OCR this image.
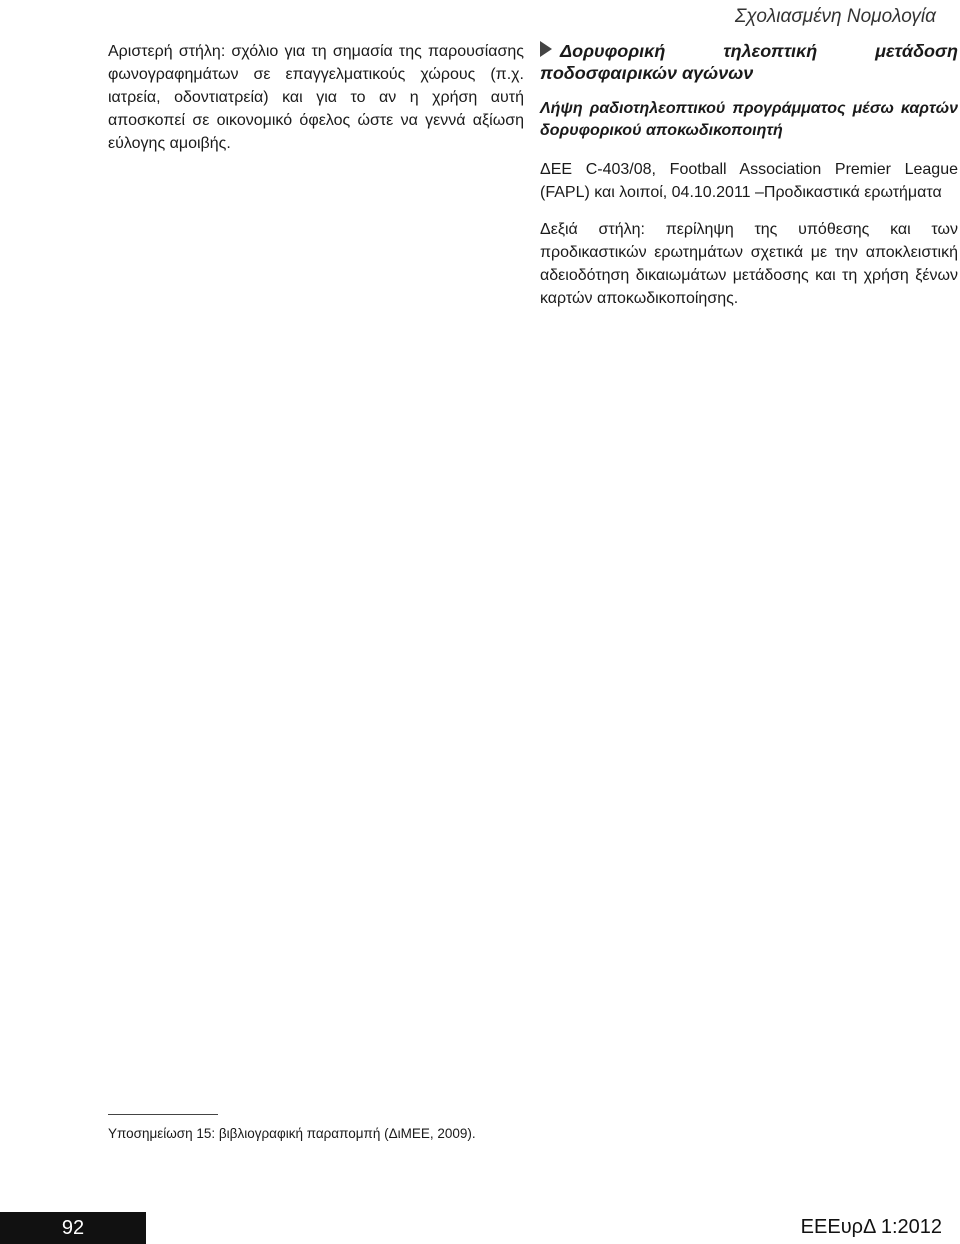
Σχολιασμένη Νομολογία

Αριστερή στήλη: σχόλιο για τη σημασία της παρουσίασης φωνογραφημάτων σε επαγγελματικούς χώρους (π.χ. ιατρεία, οδοντιατρεία) και για το αν η χρήση αυτή αποσκοπεί σε οικονομικό όφελος ώστε να γεννά αξίωση εύλογης αμοιβής.

Δορυφορική τηλεοπτική μετάδοση ποδοσφαιρικών αγώνων
Λήψη ραδιοτηλεοπτικού προγράμματος μέσω καρτών δορυφορικού αποκωδικοποιητή
ΔΕΕ C-403/08, Football Association Premier League (FAPL) και λοιποί, 04.10.2011 –Προδικαστικά ερωτήματα

Δεξιά στήλη: περίληψη της υπόθεσης και των προδικαστικών ερωτημάτων σχετικά με την αποκλειστική αδειοδότηση δικαιωμάτων μετάδοσης και τη χρήση ξένων καρτών αποκωδικοποίησης.

Υποσημείωση 15: βιβλιογραφική παραπομπή (ΔιΜΕΕ, 2009).
92	ΕΕΕυρΔ 1:2012
